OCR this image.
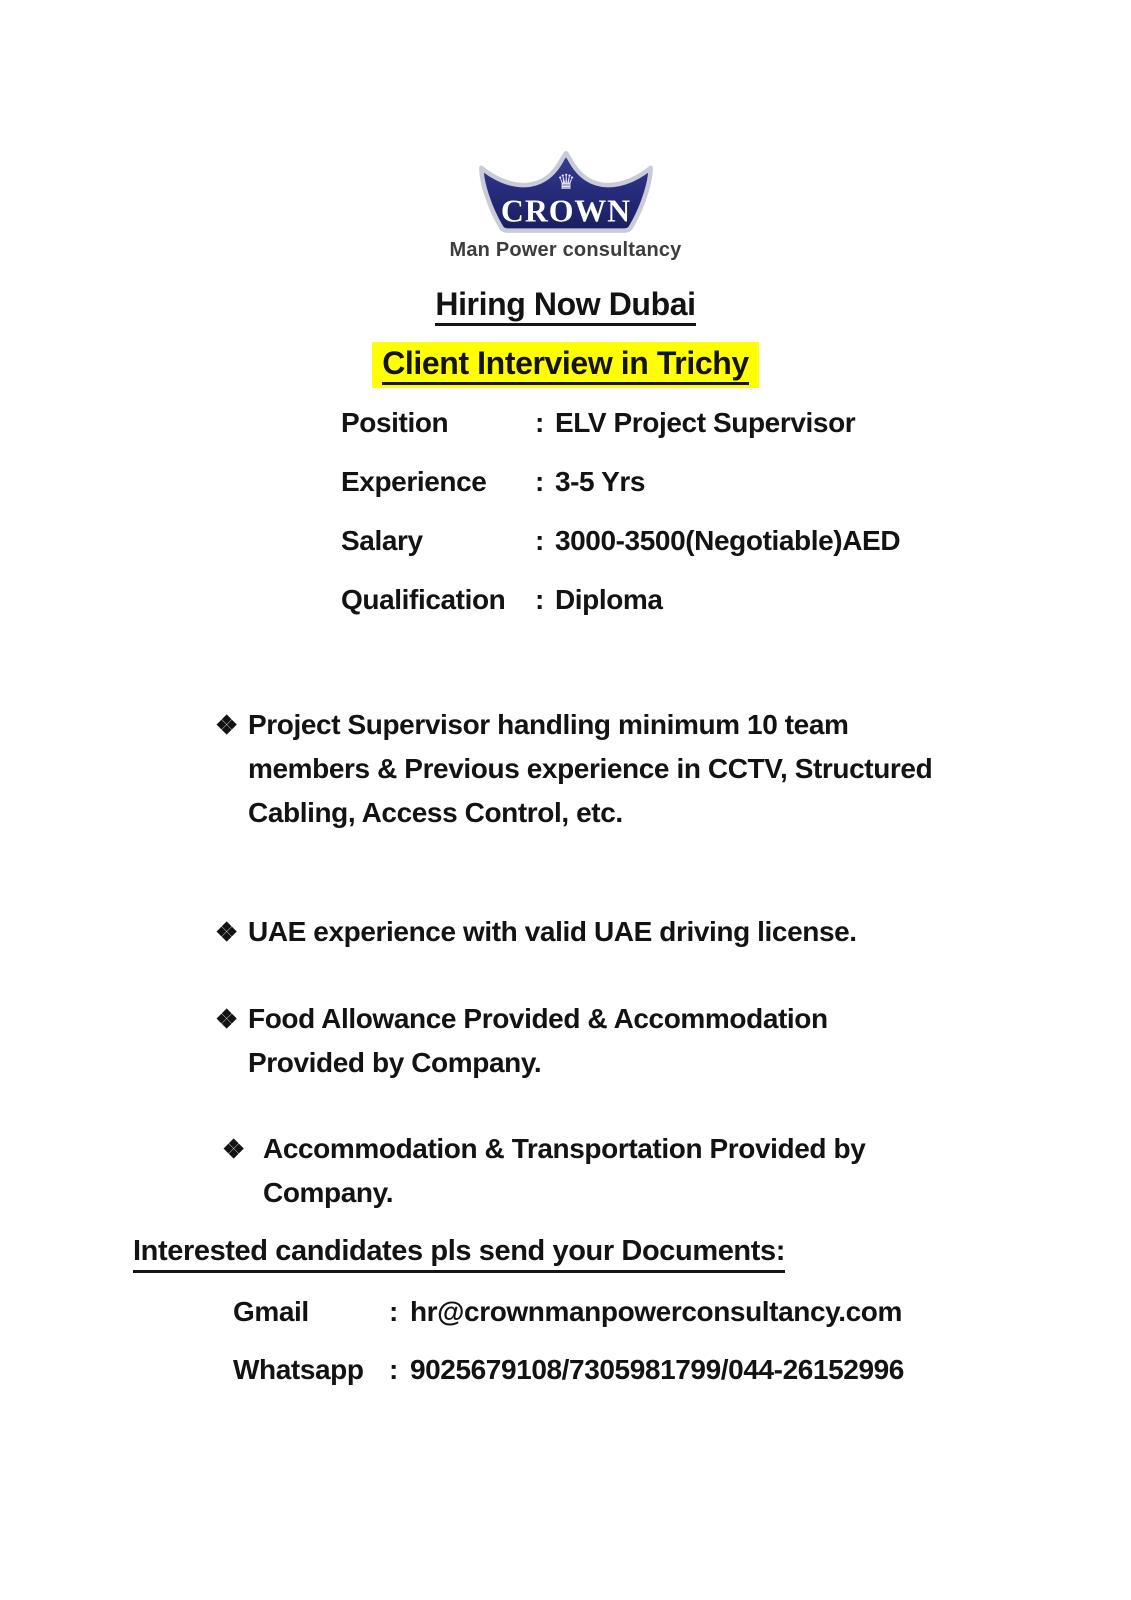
♛
CROWN
Man Power consultancy
Hiring Now Dubai
Client Interview in Trichy
Position	: ELV Project Supervisor
Experience	: 3-5 Yrs
Salary	: 3000-3500(Negotiable)AED
Qualification	: Diploma
❖ Project Supervisor handling minimum 10 team
members & Previous experience in CCTV, Structured
Cabling, Access Control, etc.
❖ UAE experience with valid UAE driving license.
❖ Food Allowance Provided & Accommodation
Provided by Company.
❖ Accommodation & Transportation Provided by
Company.
Interested candidates pls send your Documents:
Gmail	: hr@crownmanpowerconsultancy.com
Whatsapp : 9025679108/7305981799/044-26152996
